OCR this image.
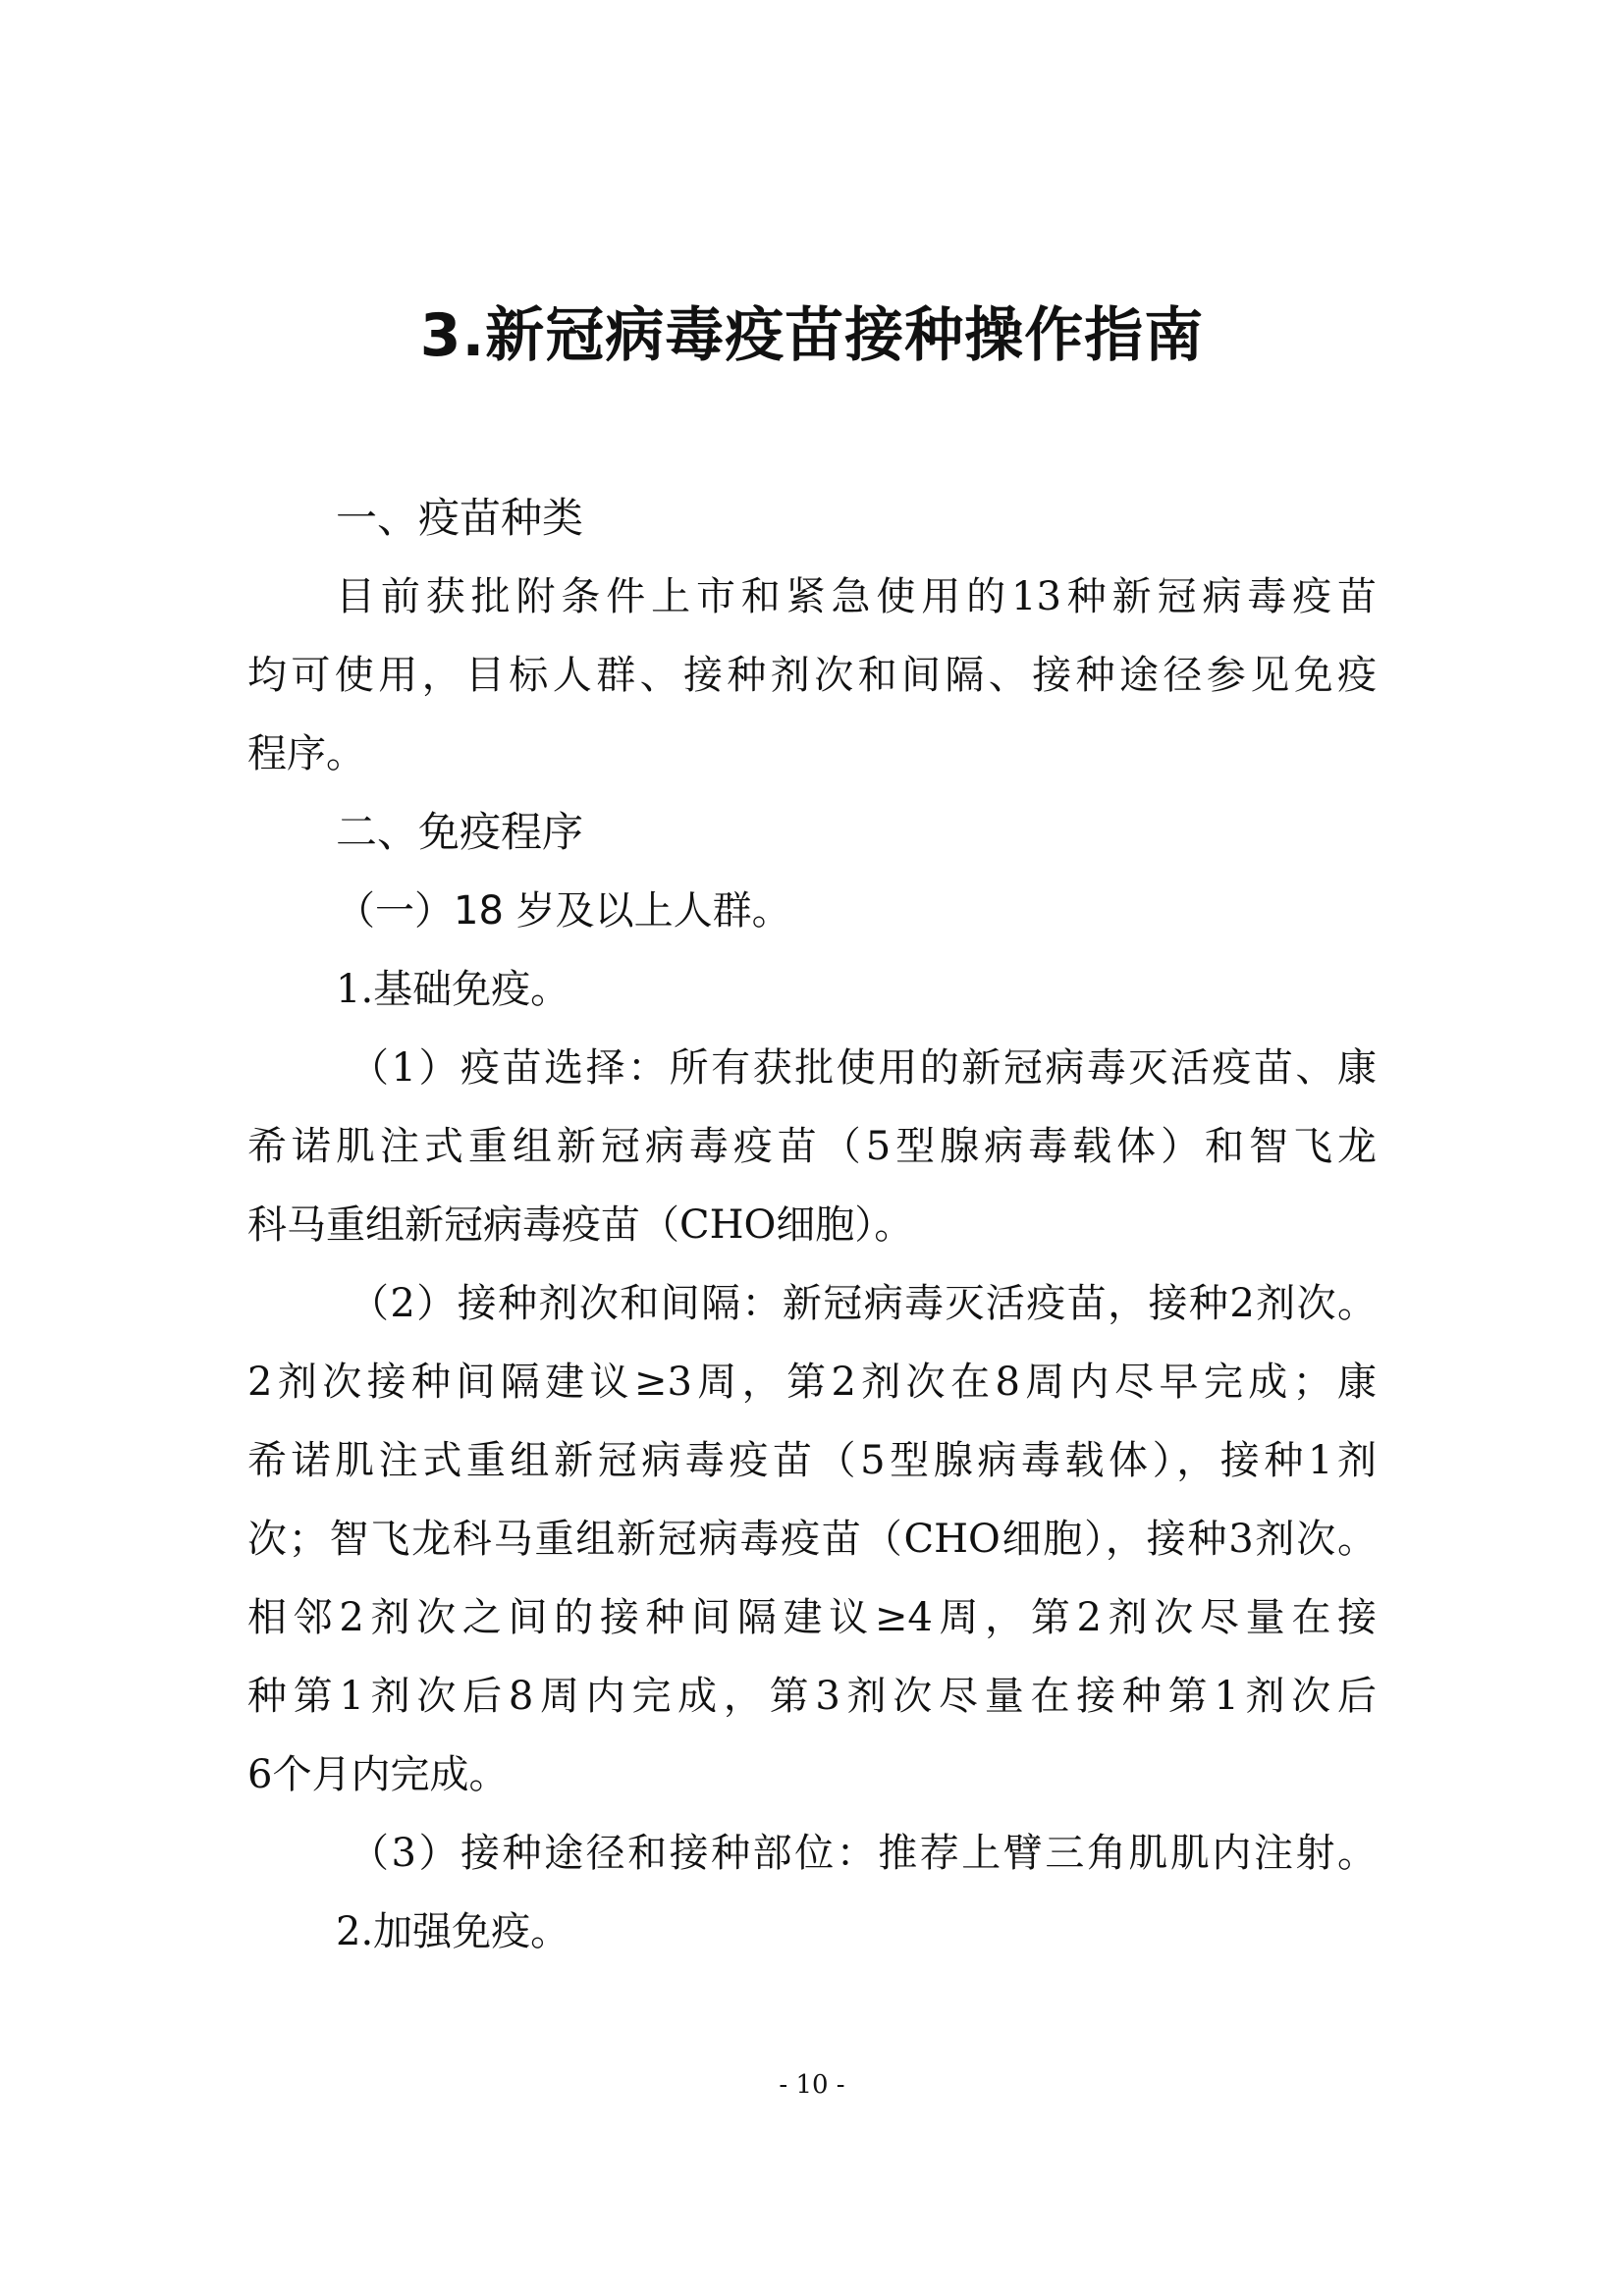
3.新冠病毒疫苗接种操作指南
一、疫苗种类
目前获批附条件上市和紧急使用的13种新冠病毒疫苗
均可使用，目标人群、接种剂次和间隔、接种途径参见免疫
程序。
二、免疫程序
（一）18 岁及以上人群。
1.基础免疫。
（1）疫苗选择：所有获批使用的新冠病毒灭活疫苗、康
希诺肌注式重组新冠病毒疫苗（5型腺病毒载体）和智飞龙
科马重组新冠病毒疫苗（CHO细胞）。
（2）接种剂次和间隔：新冠病毒灭活疫苗，接种2剂次。
2剂次接种间隔建议≥3周，第2剂次在8周内尽早完成；康
希诺肌注式重组新冠病毒疫苗（5型腺病毒载体），接种1剂
次；智飞龙科马重组新冠病毒疫苗（CHO细胞），接种3剂次。
相邻2剂次之间的接种间隔建议≥4周，第2剂次尽量在接
种第1剂次后8周内完成，第3剂次尽量在接种第1剂次后
6个月内完成。
（3）接种途径和接种部位：推荐上臂三角肌肌内注射。
2.加强免疫。
- 10 -
